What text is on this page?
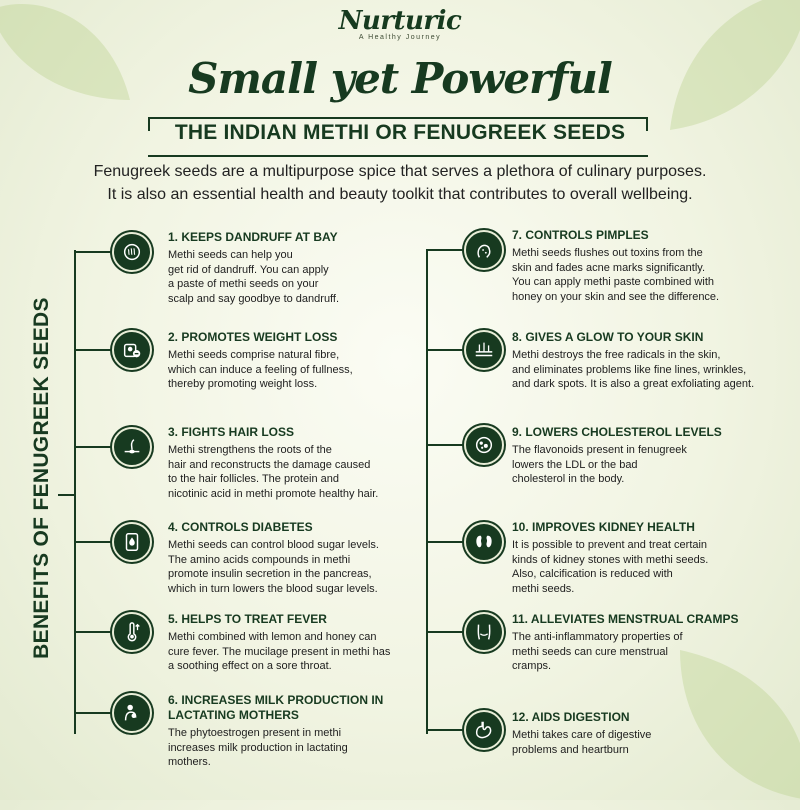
Nurturic
A Healthy Journey
Small yet Powerful
THE INDIAN METHI OR FENUGREEK SEEDS
Fenugreek seeds are a multipurpose spice that serves a plethora of culinary purposes.
It is also an essential health and beauty toolkit that contributes to overall wellbeing.
BENEFITS OF FENUGREEK SEEDS
1. KEEPS DANDRUFF AT BAY
Methi seeds can help you
get rid of dandruff. You can apply
a paste of methi seeds on your
scalp and say goodbye to dandruff.
2. PROMOTES WEIGHT LOSS
Methi seeds comprise natural fibre,
which can induce a feeling of fullness,
thereby promoting weight loss.
3. FIGHTS HAIR LOSS
Methi strengthens the roots of the
hair and reconstructs the damage caused
to the hair follicles. The protein and
nicotinic acid in methi promote healthy hair.
4. CONTROLS DIABETES
Methi seeds can control blood sugar levels.
The amino acids compounds in methi
promote insulin secretion in the pancreas,
which in turn lowers the blood sugar levels.
5. HELPS TO TREAT FEVER
Methi combined with lemon and honey can
cure fever. The mucilage present in methi has
a soothing effect on a sore throat.
6. INCREASES MILK PRODUCTION IN LACTATING MOTHERS
The phytoestrogen present in methi
increases milk production in lactating
mothers.
7. CONTROLS PIMPLES
Methi seeds flushes out toxins from the
skin and fades acne marks significantly.
You can apply methi paste combined with
honey on your skin and see the difference.
8. GIVES A GLOW TO YOUR SKIN
Methi destroys the free radicals in the skin,
and eliminates problems like fine lines, wrinkles,
and dark spots. It is also a great exfoliating agent.
9. LOWERS CHOLESTEROL LEVELS
The flavonoids present in fenugreek
lowers the LDL or the bad
cholesterol in the body.
10. IMPROVES KIDNEY HEALTH
It is possible to prevent and treat certain
kinds of kidney stones with methi seeds.
Also, calcification is reduced with
methi seeds.
11. ALLEVIATES MENSTRUAL CRAMPS
The anti-inflammatory properties of
methi seeds can cure menstrual
cramps.
12. AIDS DIGESTION
Methi takes care of digestive
problems and heartburn
